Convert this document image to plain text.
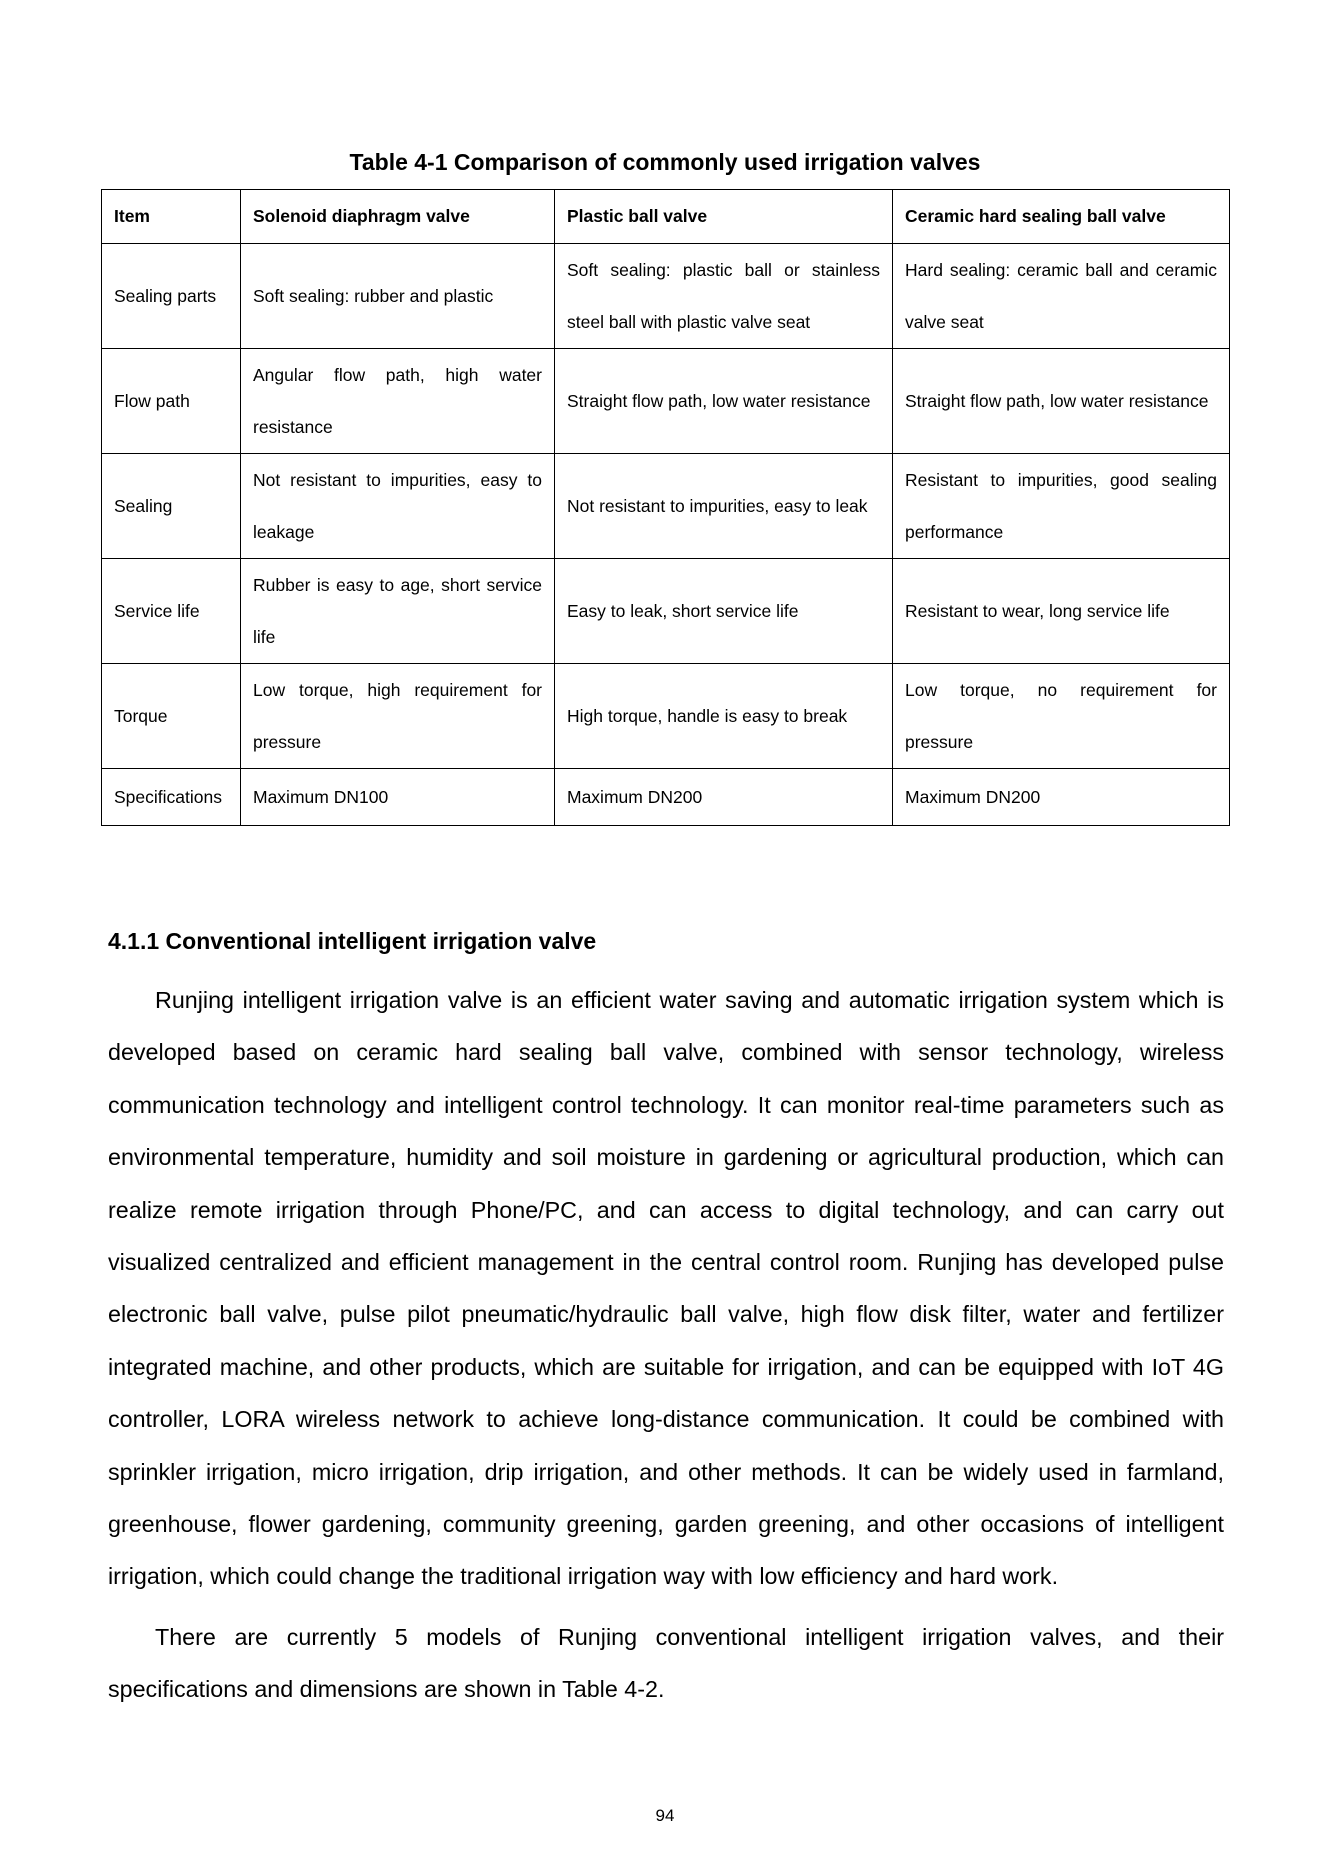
Table 4-1 Comparison of commonly used irrigation valves
Item	Solenoid diaphragm valve	Plastic ball valve	Ceramic hard sealing ball valve
Sealing parts	Soft sealing: rubber and plastic	Soft sealing: plastic ball or stainless steel ball with plastic valve seat	Hard sealing: ceramic ball and ceramic valve seat
Flow path	Angular flow path, high water resistance	Straight flow path, low water resistance	Straight flow path, low water resistance
Sealing	Not resistant to impurities, easy to leakage	Not resistant to impurities, easy to leak	Resistant to impurities, good sealing performance
Service life	Rubber is easy to age, short service life	Easy to leak, short service life	Resistant to wear, long service life
Torque	Low torque, high requirement for pressure	High torque, handle is easy to break	Low torque, no requirement for pressure
Specifications	Maximum DN100	Maximum DN200	Maximum DN200
4.1.1 Conventional intelligent irrigation valve

Runjing intelligent irrigation valve is an efficient water saving and automatic irrigation system which is developed based on ceramic hard sealing ball valve, combined with sensor technology, wireless communication technology and intelligent control technology. It can monitor real-time parameters such as environmental temperature, humidity and soil moisture in gardening or agricultural production, which can realize remote irrigation through Phone/PC, and can access to digital technology, and can carry out visualized centralized and efficient management in the central control room. Runjing has developed pulse electronic ball valve, pulse pilot pneumatic/hydraulic ball valve, high flow disk filter, water and fertilizer integrated machine, and other products, which are suitable for irrigation, and can be equipped with IoT 4G controller, LORA wireless network to achieve long-distance communication. It could be combined with sprinkler irrigation, micro irrigation, drip irrigation, and other methods. It can be widely used in farmland, greenhouse, flower gardening, community greening, garden greening, and other occasions of intelligent irrigation, which could change the traditional irrigation way with low efficiency and hard work.

There are currently 5 models of Runjing conventional intelligent irrigation valves, and their specifications and dimensions are shown in Table 4-2.

94
